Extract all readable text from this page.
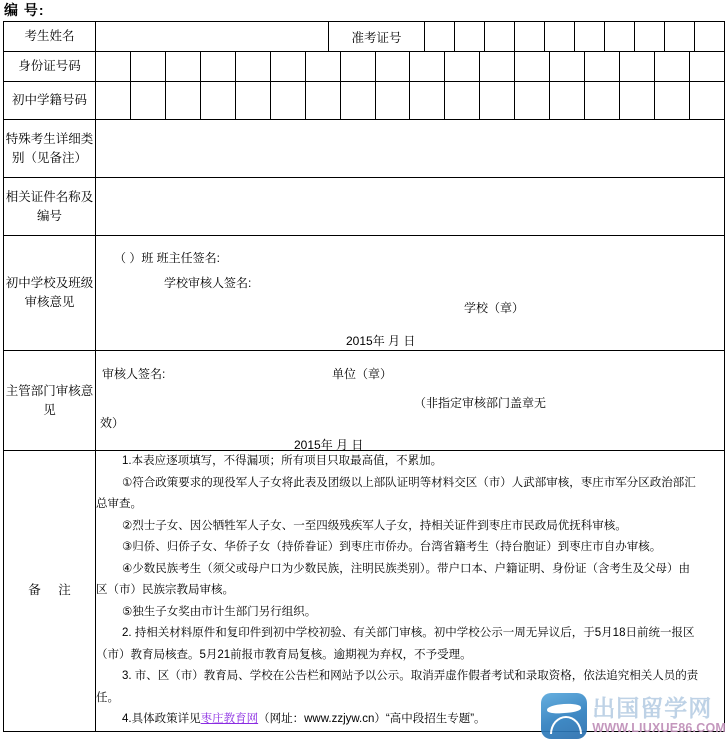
编 号:
考生姓名		准考证号	

身份证号码			

初中学籍号码			

特殊考生详细类别（见备注）			
相关证件名称及编号			
初中学校及班级审核意见	（ ）班 班主任签名:
学校审核人签名:
学校（章）
2015年 月 日		

主管部门审核意见	审核人签名: 单位（章）
（非指定审核部门盖章无
效）
2015年 月 日		

备 注	
1.本表应逐项填写，不得漏项；所有项目只取最高值，不累加。
①符合政策要求的现役军人子女将此表及团级以上部队证明等材料交区（市）人武部审核，枣庄市军分区政治部汇
总审查。
②烈士子女、因公牺牲军人子女、一至四级残疾军人子女，持相关证件到枣庄市民政局优抚科审核。
③归侨、归侨子女、华侨子女（持侨眷证）到枣庄市侨办。台湾省籍考生（持台胞证）到枣庄市自办审核。
④少数民族考生（须父或母户口为少数民族，注明民族类别）。带户口本、户籍证明、身份证（含考生及父母）由
区（市）民族宗教局审核。
⑤独生子女奖由市计生部门另行组织。
2. 持相关材料原件和复印件到初中学校初验、有关部门审核。初中学校公示一周无异议后，于5月18日前统一报区
（市）教育局核查。5月21前报市教育局复核。逾期视为弃权，不予受理。
3. 市、区（市）教育局、学校在公告栏和网站予以公示。取消弄虚作假者考试和录取资格，依法追究相关人员的责
任。
4.具体政策详见枣庄教育网（网址：www.zzjyw.cn）“高中段招生专题”。	出国留学网
WWW.LIUXUE86.COM
